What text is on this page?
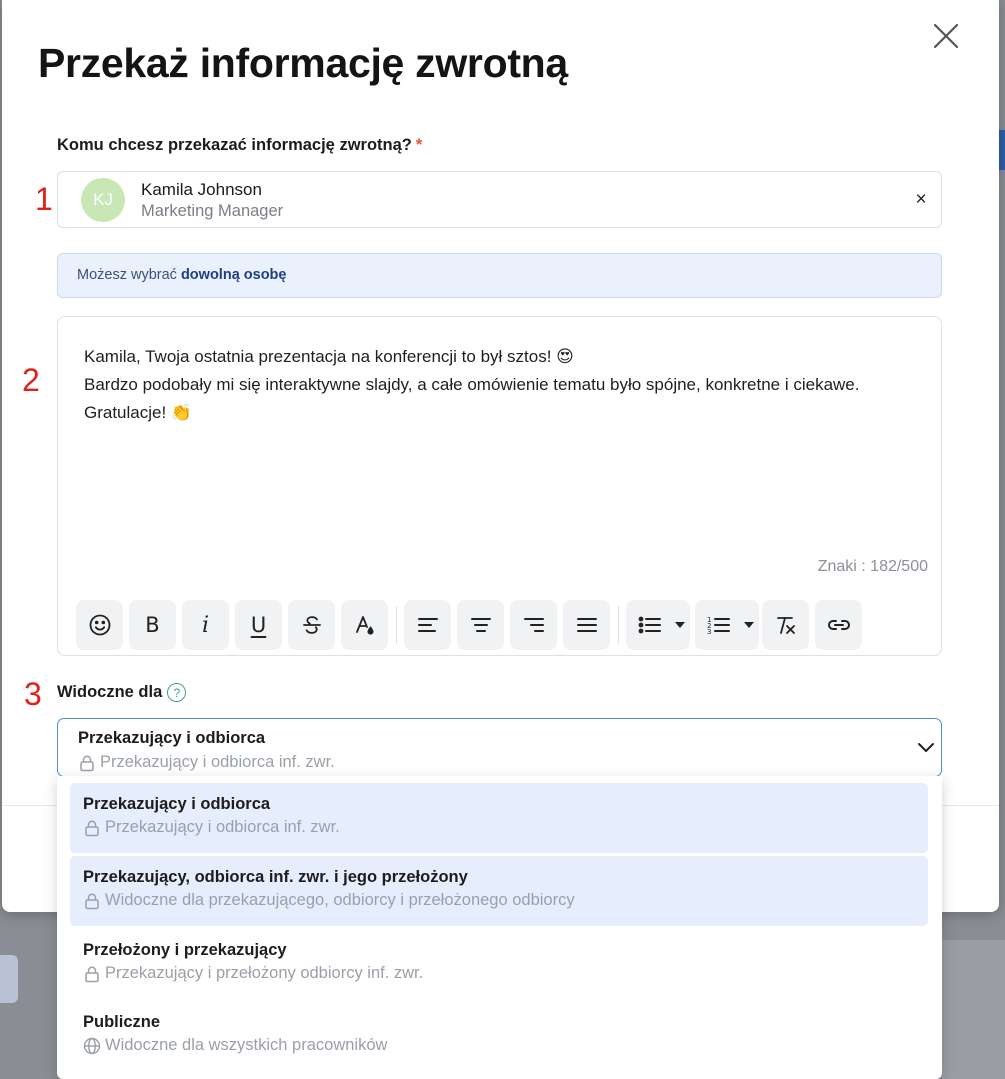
Przekaż informację zwrotną
Komu chcesz przekazać informację zwrotną? *
1	KJ
Kamila Johnson
Marketing Manager
×
Możesz wybrać dowolną osobę
2
Kamila, Twoja ostatnia prezentacja na konferencji to był sztos! 😍
Bardzo podobały mi się interaktywne slajdy, a całe omówienie tematu było spójne, konkretne i ciekawe.
Gratulacje! 👏
Znaki : 182/500
B i U	1
2
3
3 Widoczne dla ?
Przekazujący i odbiorca
Przekazujący i odbiorca inf. zwr.
Przekazujący i odbiorca
Przekazujący i odbiorca inf. zwr.
Przekazujący, odbiorca inf. zwr. i jego przełożony
Widoczne dla przekazującego, odbiorcy i przełożonego odbiorcy
Przełożony i przekazujący
Przekazujący i przełożony odbiorcy inf. zwr.
Publiczne
Widoczne dla wszystkich pracowników
